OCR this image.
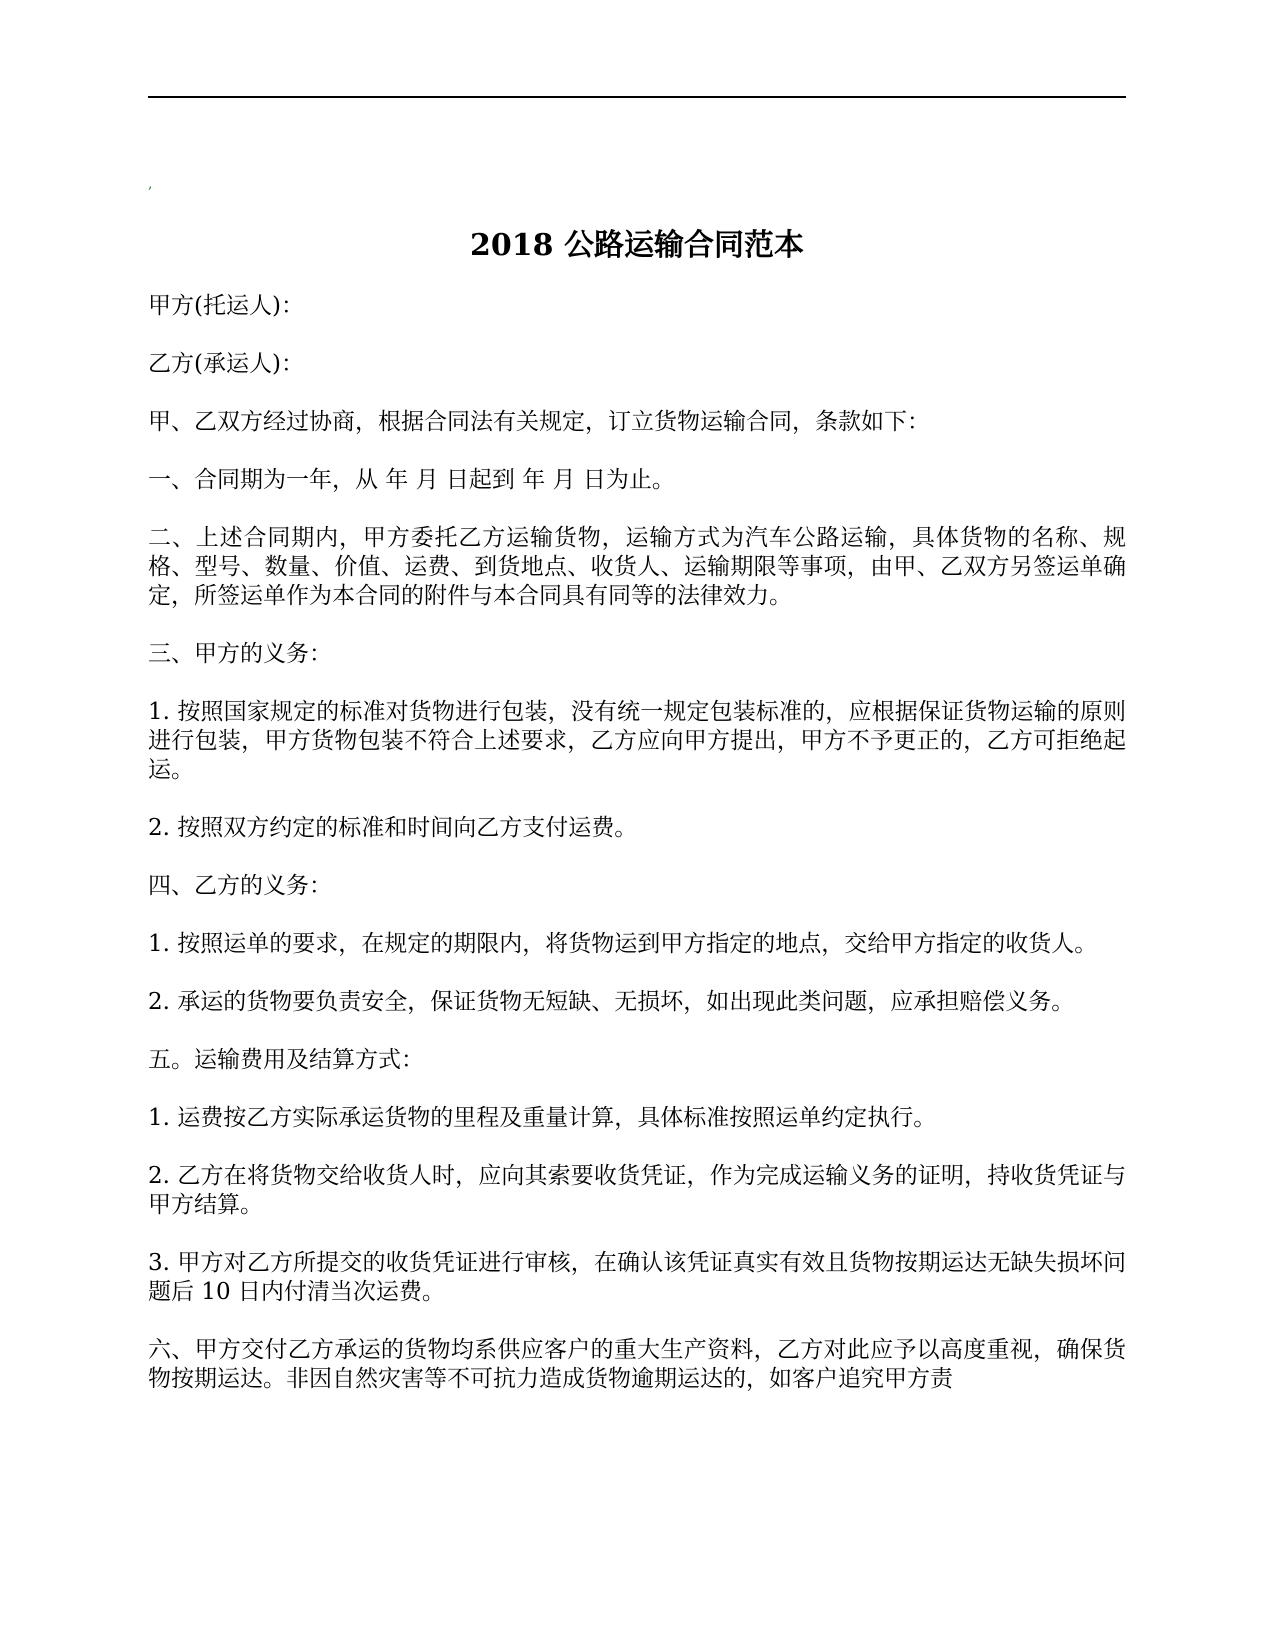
,
2018 公路运输合同范本

甲方(托运人)：

乙方(承运人)：

甲、乙双方经过协商，根据合同法有关规定，订立货物运输合同，条款如下：

一、合同期为一年，从 年 月 日起到 年 月 日为止。

二、上述合同期内，甲方委托乙方运输货物，运输方式为汽车公路运输，具体货物的名称、规格、型号、数量、价值、运费、到货地点、收货人、运输期限等事项，由甲、乙双方另签运单确定，所签运单作为本合同的附件与本合同具有同等的法律效力。

三、甲方的义务：

1. 按照国家规定的标准对货物进行包装，没有统一规定包装标准的，应根据保证货物运输的原则进行包装，甲方货物包装不符合上述要求，乙方应向甲方提出，甲方不予更正的，乙方可拒绝起运。

2. 按照双方约定的标准和时间向乙方支付运费。

四、乙方的义务：

1. 按照运单的要求，在规定的期限内，将货物运到甲方指定的地点，交给甲方指定的收货人。

2. 承运的货物要负责安全，保证货物无短缺、无损坏，如出现此类问题，应承担赔偿义务。

五。运输费用及结算方式：

1. 运费按乙方实际承运货物的里程及重量计算，具体标准按照运单约定执行。

2. 乙方在将货物交给收货人时，应向其索要收货凭证，作为完成运输义务的证明，持收货凭证与甲方结算。

3. 甲方对乙方所提交的收货凭证进行审核，在确认该凭证真实有效且货物按期运达无缺失损坏问题后 10 日内付清当次运费。

六、甲方交付乙方承运的货物均系供应客户的重大生产资料，乙方对此应予以高度重视，确保货物按期运达。非因自然灾害等不可抗力造成货物逾期运达的，如客户追究甲方责
